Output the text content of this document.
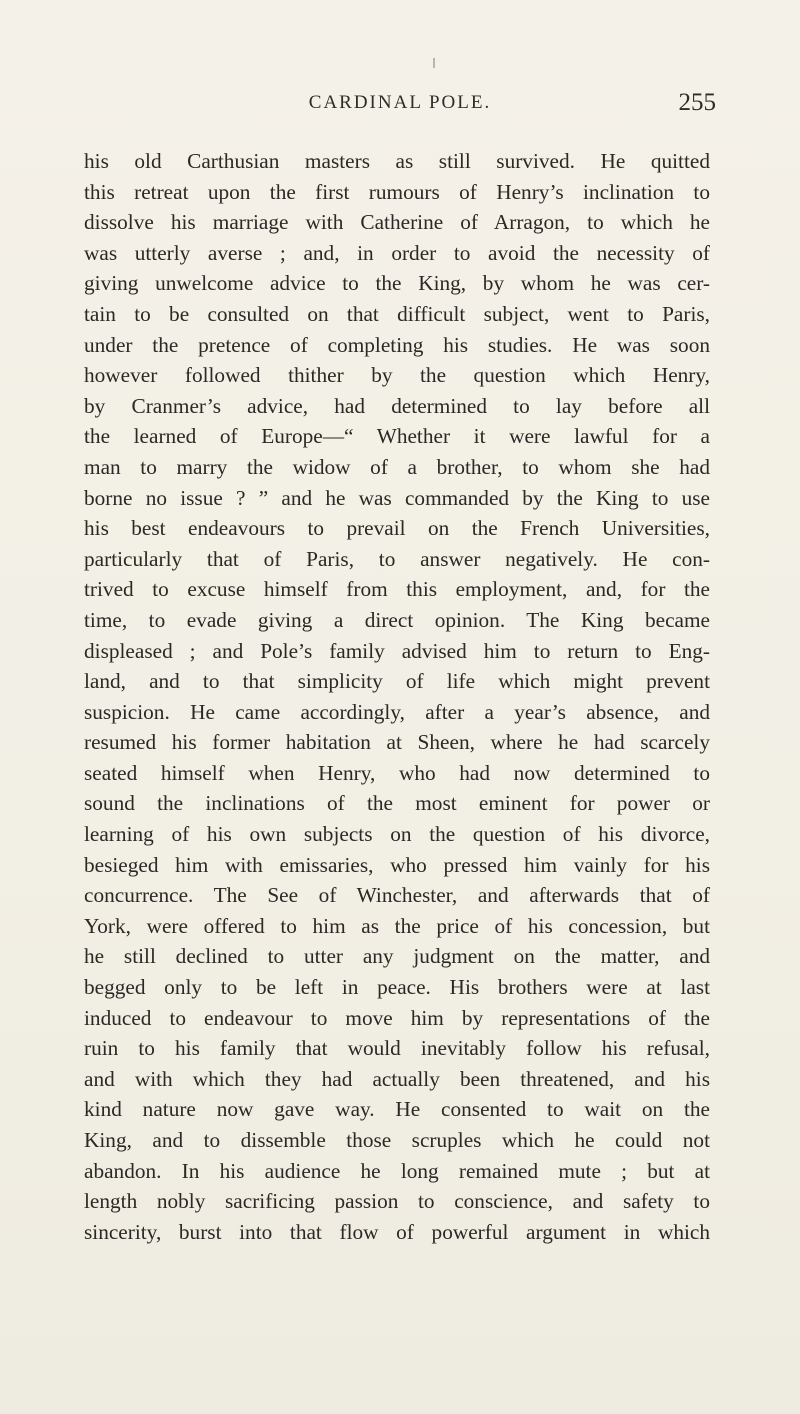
CARDINAL POLE.	255
his old Carthusian masters as still survived. He quitted
this retreat upon the first rumours of Henry’s inclination to
dissolve his marriage with Catherine of Arragon, to which he
was utterly averse ; and, in order to avoid the necessity of
giving unwelcome advice to the King, by whom he was cer-
tain to be consulted on that difficult subject, went to Paris,
under the pretence of completing his studies. He was soon
however followed thither by the question which Henry,
by Cranmer’s advice, had determined to lay before all
the learned of Europe—“ Whether it were lawful for a
man to marry the widow of a brother, to whom she had
borne no issue ? ” and he was commanded by the King to use
his best endeavours to prevail on the French Universities,
particularly that of Paris, to answer negatively. He con-
trived to excuse himself from this employment, and, for the
time, to evade giving a direct opinion. The King became
displeased ; and Pole’s family advised him to return to Eng-
land, and to that simplicity of life which might prevent
suspicion. He came accordingly, after a year’s absence, and
resumed his former habitation at Sheen, where he had scarcely
seated himself when Henry, who had now determined to
sound the inclinations of the most eminent for power or
learning of his own subjects on the question of his divorce,
besieged him with emissaries, who pressed him vainly for his
concurrence. The See of Winchester, and afterwards that of
York, were offered to him as the price of his concession, but
he still declined to utter any judgment on the matter, and
begged only to be left in peace. His brothers were at last
induced to endeavour to move him by representations of the
ruin to his family that would inevitably follow his refusal,
and with which they had actually been threatened, and his
kind nature now gave way. He consented to wait on the
King, and to dissemble those scruples which he could not
abandon. In his audience he long remained mute ; but at
length nobly sacrificing passion to conscience, and safety to
sincerity, burst into that flow of powerful argument in which
